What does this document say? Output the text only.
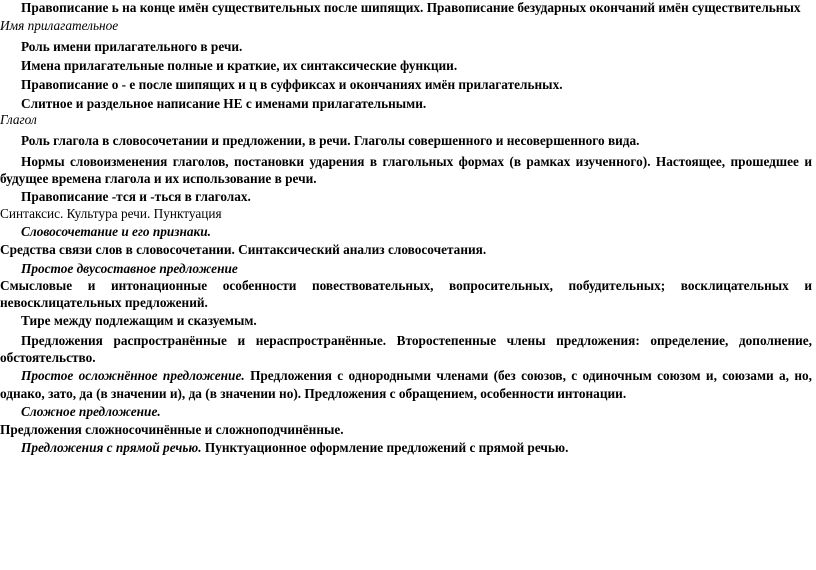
Правописание ь на конце имён существительных после шипящих. Правописание безударных окончаний имён существительных
Имя прилагательное
Роль имени прилагательного в речи.
Имена прилагательные полные и краткие, их синтаксические функции.
Правописание о - е после шипящих и ц в суффиксах и окончаниях имён прилагательных.
Слитное и раздельное написание НЕ с именами прилагательными.
Глагол
Роль глагола в словосочетании и предложении, в речи. Глаголы совершенного и несовершенного вида.
Нормы словоизменения глаголов, постановки ударения в глагольных формах (в рамках изученного). Настоящее, прошедшее и
будущее времена глагола и их использование в речи.
Правописание -тся и -ться в глаголах.
Синтаксис. Культура речи. Пунктуация
Словосочетание и его признаки.
Средства связи слов в словосочетании. Синтаксический анализ словосочетания.
Простое двусоставное предложение
Смысловые и интонационные особенности повествовательных, вопросительных, побудительных; восклицательных и
невосклицательных предложений.
Тире между подлежащим и сказуемым.
Предложения распространённые и нераспространённые. Второстепенные члены предложения: определение, дополнение,
обстоятельство.
Простое осложнённое предложение. Предложения с однородными членами (без союзов, с одиночным союзом и, союзами а, но,
однако, зато, да (в значении и), да (в значении но). Предложения с обращением, особенности интонации.
Сложное предложение.
Предложения сложносочинённые и сложноподчинённые.
Предложения с прямой речью. Пунктуационное оформление предложений с прямой речью.
